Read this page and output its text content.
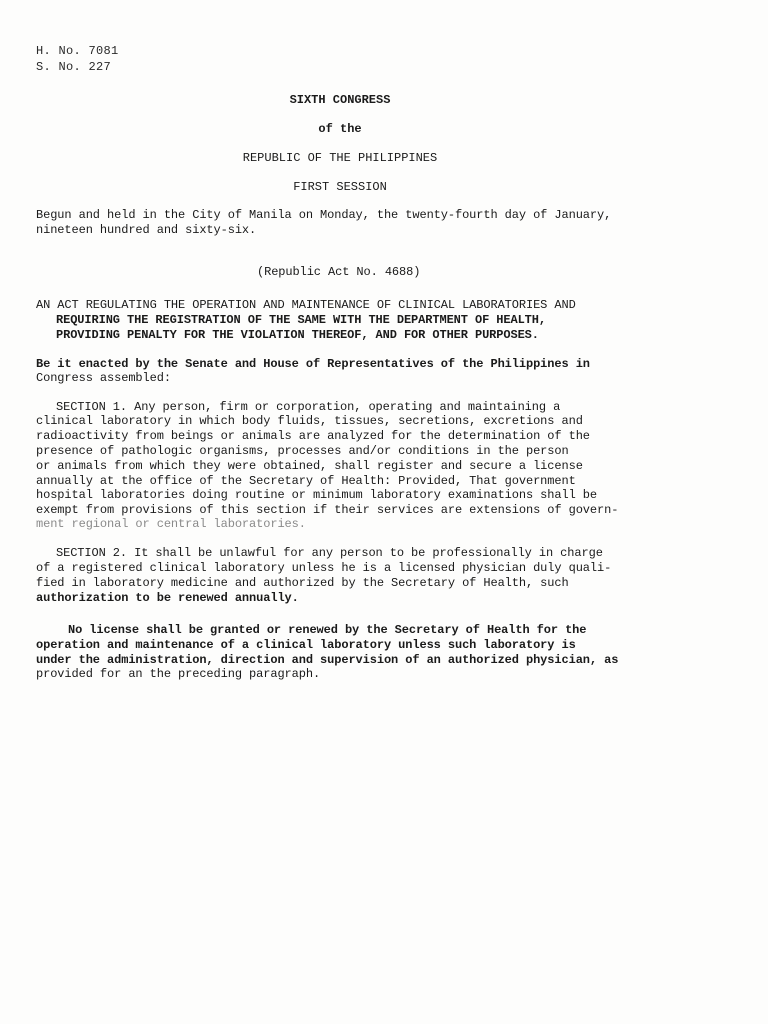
H. No. 7081
S. No. 227
SIXTH CONGRESS
of the
REPUBLIC OF THE PHILIPPINES
FIRST SESSION
Begun and held in the City of Manila on Monday, the twenty-fourth day of January,
nineteen hundred and sixty-six.
(Republic Act No. 4688)
AN ACT REGULATING THE OPERATION AND MAINTENANCE OF CLINICAL LABORATORIES AND
REQUIRING THE REGISTRATION OF THE SAME WITH THE DEPARTMENT OF HEALTH,
PROVIDING PENALTY FOR THE VIOLATION THEREOF, AND FOR OTHER PURPOSES.
Be it enacted by the Senate and House of Representatives of the Philippines in
Congress assembled:
SECTION 1. Any person, firm or corporation, operating and maintaining a
clinical laboratory in which body fluids, tissues, secretions, excretions and
radioactivity from beings or animals are analyzed for the determination of the
presence of pathologic organisms, processes and/or conditions in the person
or animals from which they were obtained, shall register and secure a license
annually at the office of the Secretary of Health: Provided, That government
hospital laboratories doing routine or minimum laboratory examinations shall be
exempt from provisions of this section if their services are extensions of govern-
ment regional or central laboratories.
SECTION 2. It shall be unlawful for any person to be professionally in charge
of a registered clinical laboratory unless he is a licensed physician duly quali-
fied in laboratory medicine and authorized by the Secretary of Health, such
authorization to be renewed annually.
No license shall be granted or renewed by the Secretary of Health for the
operation and maintenance of a clinical laboratory unless such laboratory is
under the administration, direction and supervision of an authorized physician, as
provided for an the preceding paragraph.
